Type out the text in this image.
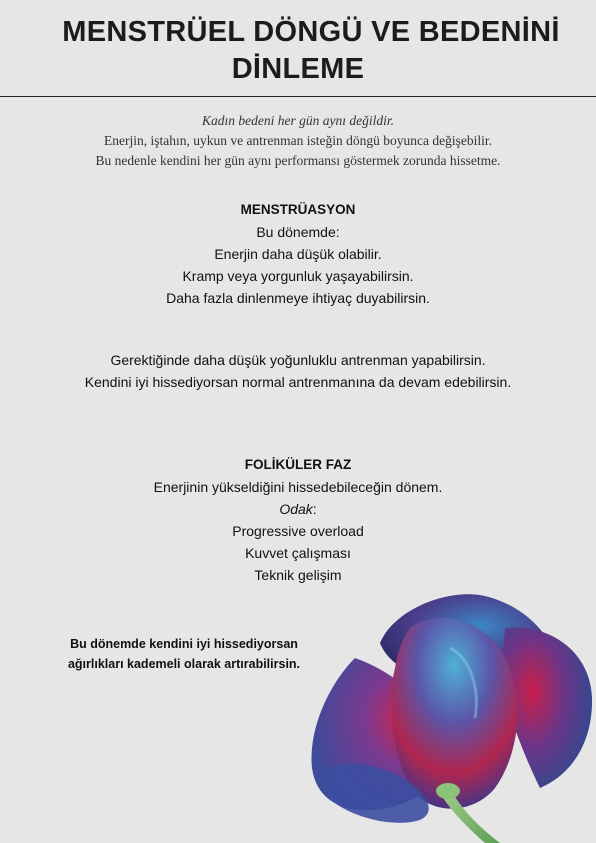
MENSTRÜEL DÖNGÜ VE BEDENİNİ
DİNLEME
Kadın bedeni her gün aynı değildir.
Enerjin, iştahın, uykun ve antrenman isteğin döngü boyunca değişebilir.
Bu nedenle kendini her gün aynı performansı göstermek zorunda hissetme.
MENSTRÜASYON
Bu dönemde:
Enerjin daha düşük olabilir.
Kramp veya yorgunluk yaşayabilirsin.
Daha fazla dinlenmeye ihtiyaç duyabilirsin.
Gerektiğinde daha düşük yoğunluklu antrenman yapabilirsin.
Kendini iyi hissediyorsan normal antrenmanına da devam edebilirsin.
FOLİKÜLER FAZ
Enerjinin yükseldiğini hissedebileceğin dönem.
Odak:
Progressive overload
Kuvvet çalışması
Teknik gelişim
Bu dönemde kendini iyi hissediyorsan
ağırlıkları kademeli olarak artırabilirsin.
